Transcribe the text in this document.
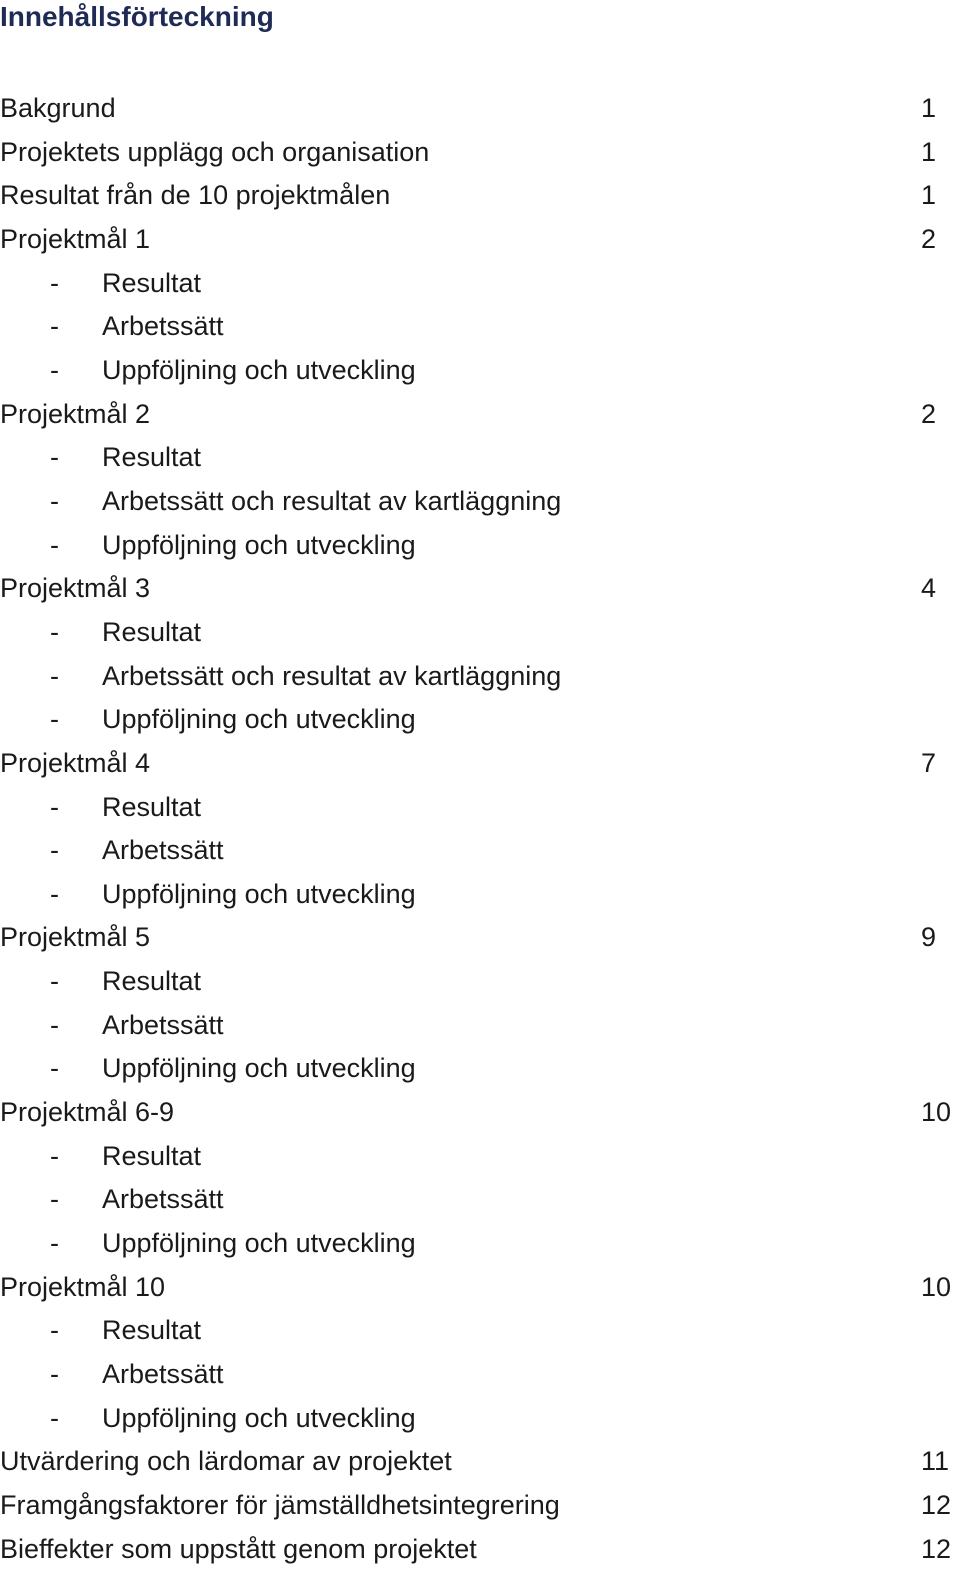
Innehållsförteckning
Bakgrund	1
Projektets upplägg och organisation	1
Resultat från de 10 projektmålen	1
Projektmål 1	2
- Resultat
- Arbetssätt
- Uppföljning och utveckling
Projektmål 2	2
- Resultat
- Arbetssätt och resultat av kartläggning
- Uppföljning och utveckling
Projektmål 3	4
- Resultat
- Arbetssätt och resultat av kartläggning
- Uppföljning och utveckling
Projektmål 4	7
- Resultat
- Arbetssätt
- Uppföljning och utveckling
Projektmål 5	9
- Resultat
- Arbetssätt
- Uppföljning och utveckling
Projektmål 6-9	10
- Resultat
- Arbetssätt
- Uppföljning och utveckling
Projektmål 10	10
- Resultat
- Arbetssätt
- Uppföljning och utveckling
Utvärdering och lärdomar av projektet	11
Framgångsfaktorer för jämställdhetsintegrering	12
Bieffekter som uppstått genom projektet	12
